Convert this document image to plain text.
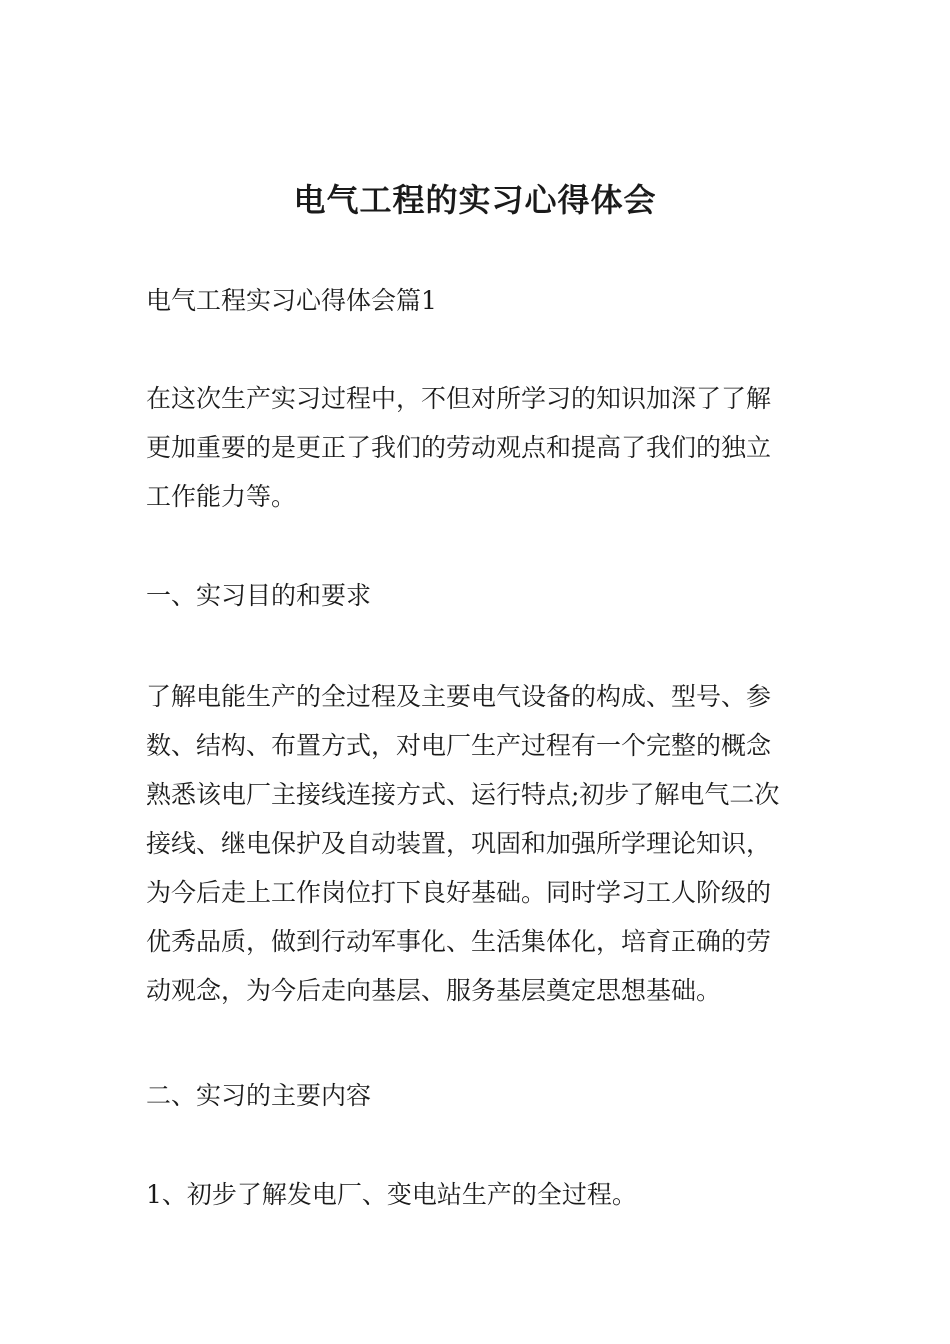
电气工程的实习心得体会

电气工程实习心得体会篇1

在这次生产实习过程中，不但对所学习的知识加深了了解
更加重要的是更正了我们的劳动观点和提高了我们的独立
工作能力等。

一、实习目的和要求

了解电能生产的全过程及主要电气设备的构成、型号、参
数、结构、布置方式，对电厂生产过程有一个完整的概念
熟悉该电厂主接线连接方式、运行特点;初步了解电气二次
接线、继电保护及自动装置，巩固和加强所学理论知识，
为今后走上工作岗位打下良好基础。同时学习工人阶级的
优秀品质，做到行动军事化、生活集体化，培育正确的劳
动观念，为今后走向基层、服务基层奠定思想基础。

二、实习的主要内容

1、初步了解发电厂、变电站生产的全过程。
